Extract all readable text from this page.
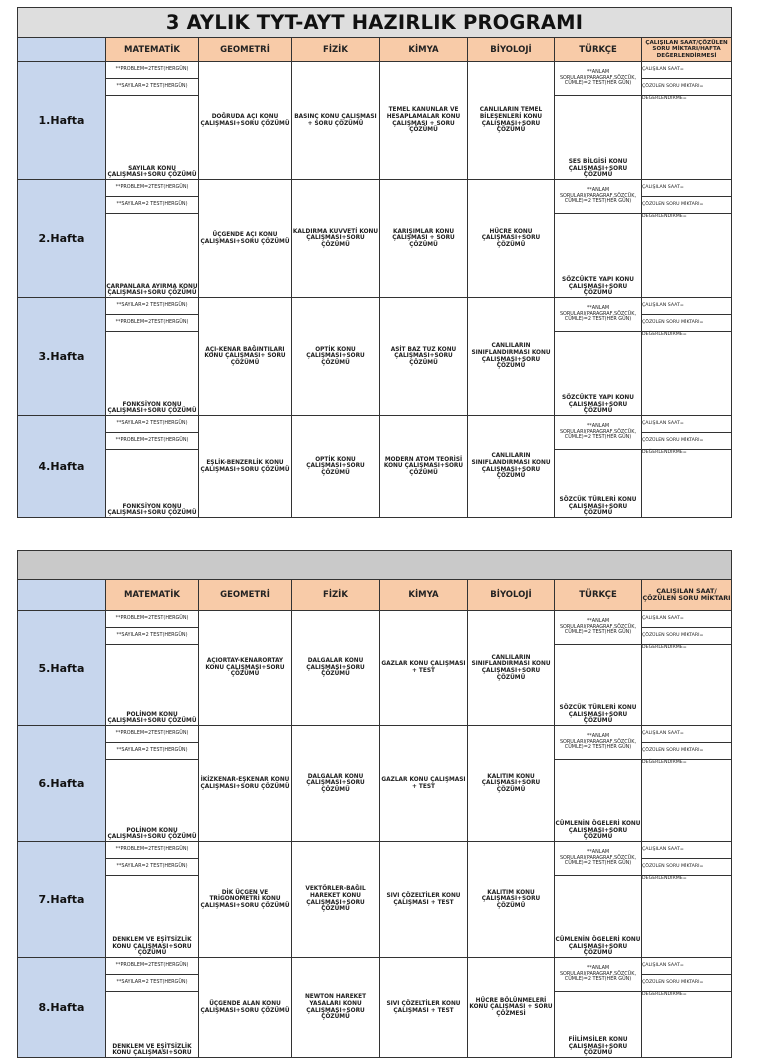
3 AYLIK TYT-AYT HAZIRLIK PROGRAMI							
	MATEMATİK	GEOMETRİ	FİZİK	KİMYA	BİYOLOJİ	TÜRKÇE	ÇALIŞILAN SAAT/ÇÖZÜLEN SORU MİKTARI/HAFTA DEĞERLENDİRMESİ
1.Hafta	**PROBLEM=2TEST(HERGÜN)	DOĞRUDA AÇI KONU ÇALIŞMASI+SORU ÇÖZÜMÜ	BASINÇ KONU ÇALIŞMASI + SORU ÇÖZÜMÜ	TEMEL KANUNLAR VE HESAPLAMALAR KONU ÇALIŞMASI + SORU ÇÖZÜMÜ	CANLILARIN TEMEL BİLEŞENLERİ KONU ÇALIŞMASI+SORU ÇÖZÜMÜ	**ANLAM SORULARI(PARAGRAF,SÖZCÜK, CÜMLE)=2 TEST(HER GÜN)	ÇALIŞILAN SAAT=
	**SAYILAR=2 TEST(HERGÜN)						ÇÖZÜLEN SORU MİKTARI=
	SAYILAR KONU ÇALIŞMASI+SORU ÇÖZÜMÜ					SES BİLGİSİ KONU ÇALIŞMASI+SORU ÇÖZÜMÜ	DEĞERLENDİRME=
2.Hafta	**PROBLEM=2TEST(HERGÜN)	ÜÇGENDE AÇI KONU ÇALIŞMASI+SORU ÇÖZÜMÜ	KALDIRMA KUVVETİ KONU ÇALIŞMASI+SORU ÇÖZÜMÜ	KARIŞIMLAR KONU ÇALIŞMASI + SORU ÇÖZÜMÜ	HÜCRE KONU ÇALIŞMASI+SORU ÇÖZÜMÜ	**ANLAM SORULARI(PARAGRAF,SÖZCÜK, CÜMLE)=2 TEST(HER GÜN)	ÇALIŞILAN SAAT=
	**SAYILAR=2 TEST(HERGÜN)						ÇÖZÜLEN SORU MİKTARI=
	ÇARPANLARA AYIRMA KONU ÇALIŞMASI+SORU ÇÖZÜMÜ					SÖZCÜKTE YAPI KONU ÇALIŞMASI+SORU ÇÖZÜMÜ	DEĞERLENDİRME=
3.Hafta	**SAYILAR=2 TEST(HERGÜN)	AÇI-KENAR BAĞINTILARI KONU ÇALIŞMASI+ SORU ÇÖZÜMÜ	OPTİK KONU ÇALIŞMASI+SORU ÇÖZÜMÜ	ASİT BAZ TUZ KONU ÇALIŞMASI+SORU ÇÖZÜMÜ	CANLILARIN SINIFLANDIRMASI KONU ÇALIŞMASI+SORU ÇÖZÜMÜ	**ANLAM SORULARI(PARAGRAF,SÖZCÜK, CÜMLE)=2 TEST(HER GÜN)	ÇALIŞILAN SAAT=
	**PROBLEM=2TEST(HERGÜN)						ÇÖZÜLEN SORU MİKTARI=
	FONKSİYON KONU ÇALIŞMASI+SORU ÇÖZÜMÜ					SÖZCÜKTE YAPI KONU ÇALIŞMASI+SORU ÇÖZÜMÜ	DEĞERLENDİRME=
4.Hafta	**SAYILAR=2 TEST(HERGÜN)	EŞLİK-BENZERLİK KONU ÇALIŞMASI+SORU ÇÖZÜMÜ	OPTİK KONU ÇALIŞMASI+SORU ÇÖZÜMÜ	MODERN ATOM TEORİSİ KONU ÇALIŞMASI+SORU ÇÖZÜMÜ	CANLILARIN SINIFLANDIRMASI KONU ÇALIŞMASI+SORU ÇÖZÜMÜ	**ANLAM SORULARI(PARAGRAF,SÖZCÜK, CÜMLE)=2 TEST(HER GÜN)	ÇALIŞILAN SAAT=
	**PROBLEM=2TEST(HERGÜN)						ÇÖZÜLEN SORU MİKTARI=
	FONKSİYON KONU ÇALIŞMASI+SORU ÇÖZÜMÜ					SÖZCÜK TÜRLERİ KONU ÇALIŞMASI+SORU ÇÖZÜMÜ	DEĞERLENDİRME=

	MATEMATİK	GEOMETRİ	FİZİK	KİMYA	BİYOLOJİ	TÜRKÇE	ÇALIŞILAN SAAT/ÇÖZÜLEN SORU MİKTARI
5.Hafta	**PROBLEM=2TEST(HERGÜN)	AÇIORTAY-KENARORTAY KONU ÇALIŞMASI+SORU ÇÖZÜMÜ	DALGALAR KONU ÇALIŞMASI+SORU ÇÖZÜMÜ	GAZLAR KONU ÇALIŞMASI + TEST	CANLILARIN SINIFLANDIRMASI KONU ÇALIŞMASI+SORU ÇÖZÜMÜ	**ANLAM SORULARI(PARAGRAF,SÖZCÜK, CÜMLE)=2 TEST(HER GÜN)	ÇALIŞILAN SAAT=
	**SAYILAR=2 TEST(HERGÜN)						ÇÖZÜLEN SORU MİKTARI=
	POLİNOM KONU ÇALIŞMASI+SORU ÇÖZÜMÜ					SÖZCÜK TÜRLERİ KONU ÇALIŞMASI+SORU ÇÖZÜMÜ	DEĞERLENDİRME=
6.Hafta	**PROBLEM=2TEST(HERGÜN)	İKİZKENAR-EŞKENAR KONU ÇALIŞMASI+SORU ÇÖZÜMÜ	DALGALAR KONU ÇALIŞMASI+SORU ÇÖZÜMÜ	GAZLAR KONU ÇALIŞMASI + TEST	KALITIM KONU ÇALIŞMASI+SORU ÇÖZÜMÜ	**ANLAM SORULARI(PARAGRAF,SÖZCÜK, CÜMLE)=2 TEST(HER GÜN)	ÇALIŞILAN SAAT=
	**SAYILAR=2 TEST(HERGÜN)						ÇÖZÜLEN SORU MİKTARI=
	POLİNOM KONU ÇALIŞMASI+SORU ÇÖZÜMÜ					CÜMLENİN ÖGELERİ KONU ÇALIŞMASI+SORU ÇÖZÜMÜ	DEĞERLENDİRME=
7.Hafta	**PROBLEM=2TEST(HERGÜN)	DİK ÜÇGEN VE TRİGONOMETRİ KONU ÇALIŞMASI+SORU ÇÖZÜMÜ	VEKTÖRLER-BAĞIL HAREKET KONU ÇALIŞMASI+SORU ÇÖZÜMÜ	SIVI ÇÖZELTİLER KONU ÇALIŞMASI + TEST	KALITIM KONU ÇALIŞMASI+SORU ÇÖZÜMÜ	**ANLAM SORULARI(PARAGRAF,SÖZCÜK, CÜMLE)=2 TEST(HER GÜN)	ÇALIŞILAN SAAT=
	**SAYILAR=2 TEST(HERGÜN)						ÇÖZÜLEN SORU MİKTARI=
	DENKLEM VE EŞİTSİZLİK KONU ÇALIŞMASI+SORU ÇÖZÜMÜ					CÜMLENİN ÖGELERİ KONU ÇALIŞMASI+SORU ÇÖZÜMÜ	DEĞERLENDİRME=
8.Hafta	**PROBLEM=2TEST(HERGÜN)	ÜÇGENDE ALAN KONU ÇALIŞMASI+SORU ÇÖZÜMÜ	NEWTON HAREKET YASALARI KONU ÇALIŞMASI+SORU ÇÖZÜMÜ	SIVI ÇÖZELTİLER KONU ÇALIŞMASI + TEST	HÜCRE BÖLÜNMELERİ KONU ÇALIŞMASI + SORU ÇÖZMESİ	**ANLAM SORULARI(PARAGRAF,SÖZCÜK, CÜMLE)=2 TEST(HER GÜN)	ÇALIŞILAN SAAT=
	**SAYILAR=2 TEST(HERGÜN)						ÇÖZÜLEN SORU MİKTARI=
	DENKLEM VE EŞİTSİZLİK KONU ÇALIŞMASI+SORU					FİİLİMSİLER KONU ÇALIŞMASI+SORU ÇÖZÜMÜ	DEĞERLENDİRME=
